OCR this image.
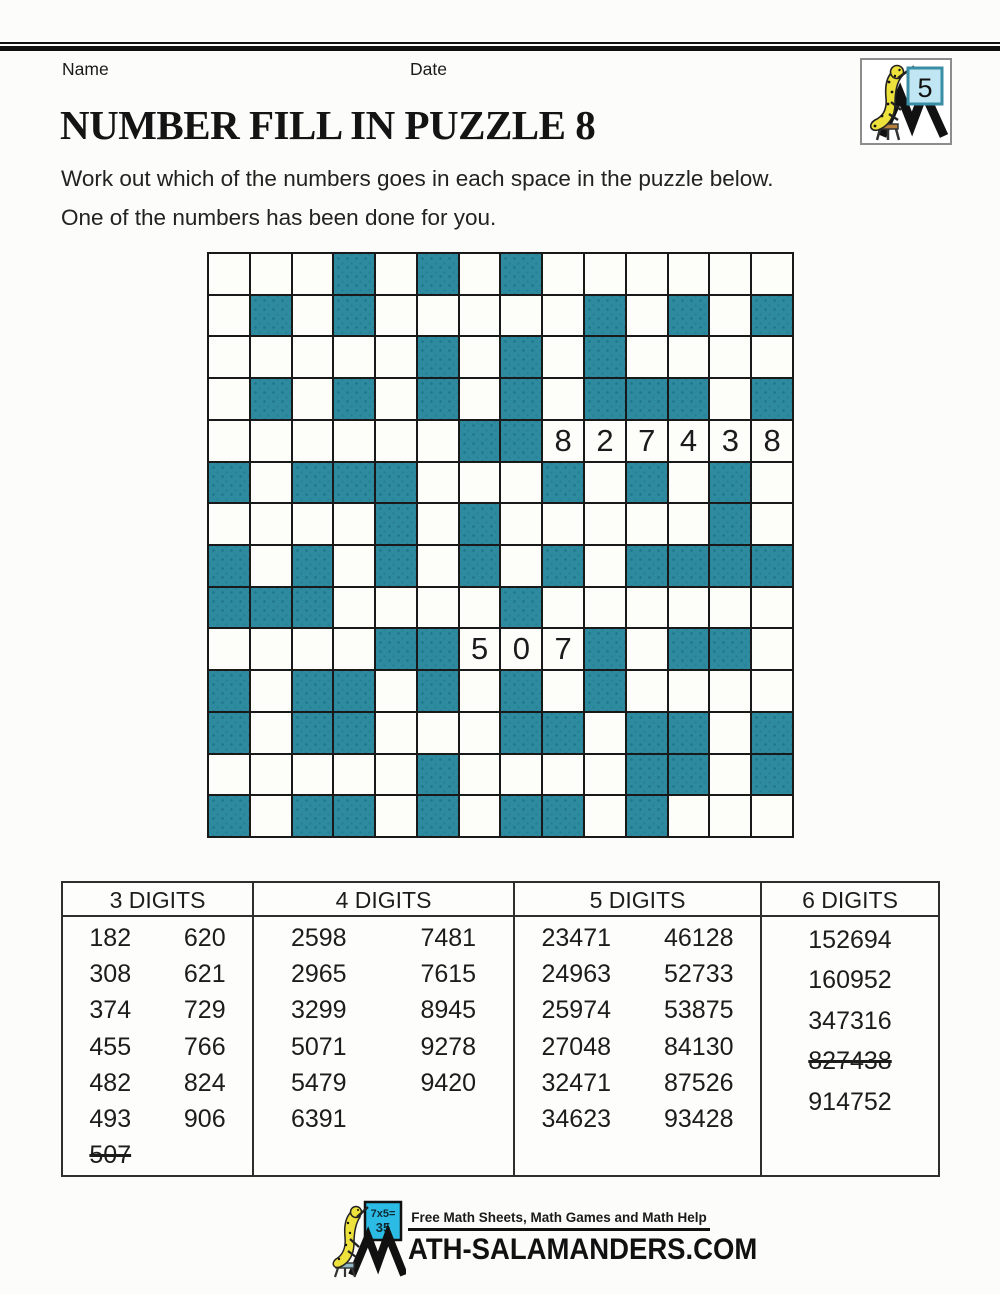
Name	Date
5
NUMBER FILL IN PUZZLE 8
Work out which of the numbers goes in each space in the puzzle below.
One of the numbers has been done for you.
8 2 7 4 3 8
5 0 7
3 DIGITS
182
308
374
455
482
493
507
620
621
729
766
824
906
4 DIGITS
2598
2965
3299
5071
5479
6391
7481
7615
8945
9278
9420
5 DIGITS
23471
24963
25974
27048
32471
34623
46128
52733
53875
84130
87526
93428
6 DIGITS
152694
160952
347316
827438
914752
7x5=
35
Free Math Sheets, Math Games and Math Help
ATH-SALAMANDERS.COM
